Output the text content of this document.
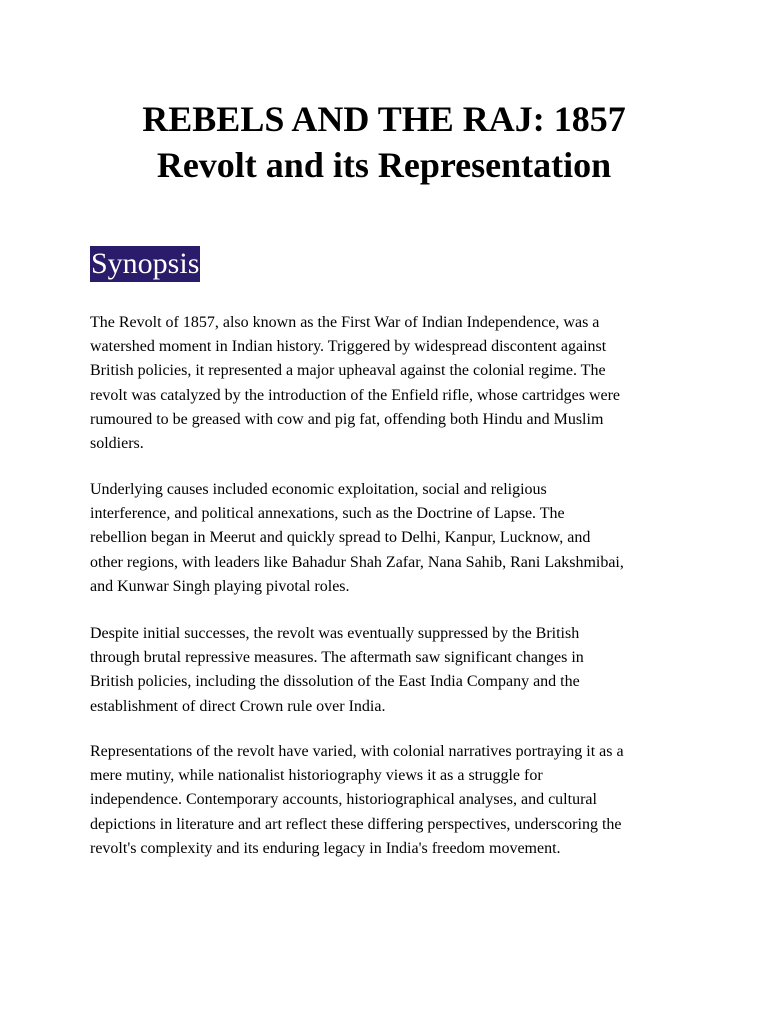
REBELS AND THE RAJ: 1857
Revolt and its Representation
Synopsis

The Revolt of 1857, also known as the First War of Indian Independence, was a
watershed moment in Indian history. Triggered by widespread discontent against
British policies, it represented a major upheaval against the colonial regime. The
revolt was catalyzed by the introduction of the Enfield rifle, whose cartridges were
rumoured to be greased with cow and pig fat, offending both Hindu and Muslim
soldiers.

Underlying causes included economic exploitation, social and religious
interference, and political annexations, such as the Doctrine of Lapse. The
rebellion began in Meerut and quickly spread to Delhi, Kanpur, Lucknow, and
other regions, with leaders like Bahadur Shah Zafar, Nana Sahib, Rani Lakshmibai,
and Kunwar Singh playing pivotal roles.

Despite initial successes, the revolt was eventually suppressed by the British
through brutal repressive measures. The aftermath saw significant changes in
British policies, including the dissolution of the East India Company and the
establishment of direct Crown rule over India.

Representations of the revolt have varied, with colonial narratives portraying it as a
mere mutiny, while nationalist historiography views it as a struggle for
independence. Contemporary accounts, historiographical analyses, and cultural
depictions in literature and art reflect these differing perspectives, underscoring the
revolt's complexity and its enduring legacy in India's freedom movement.
